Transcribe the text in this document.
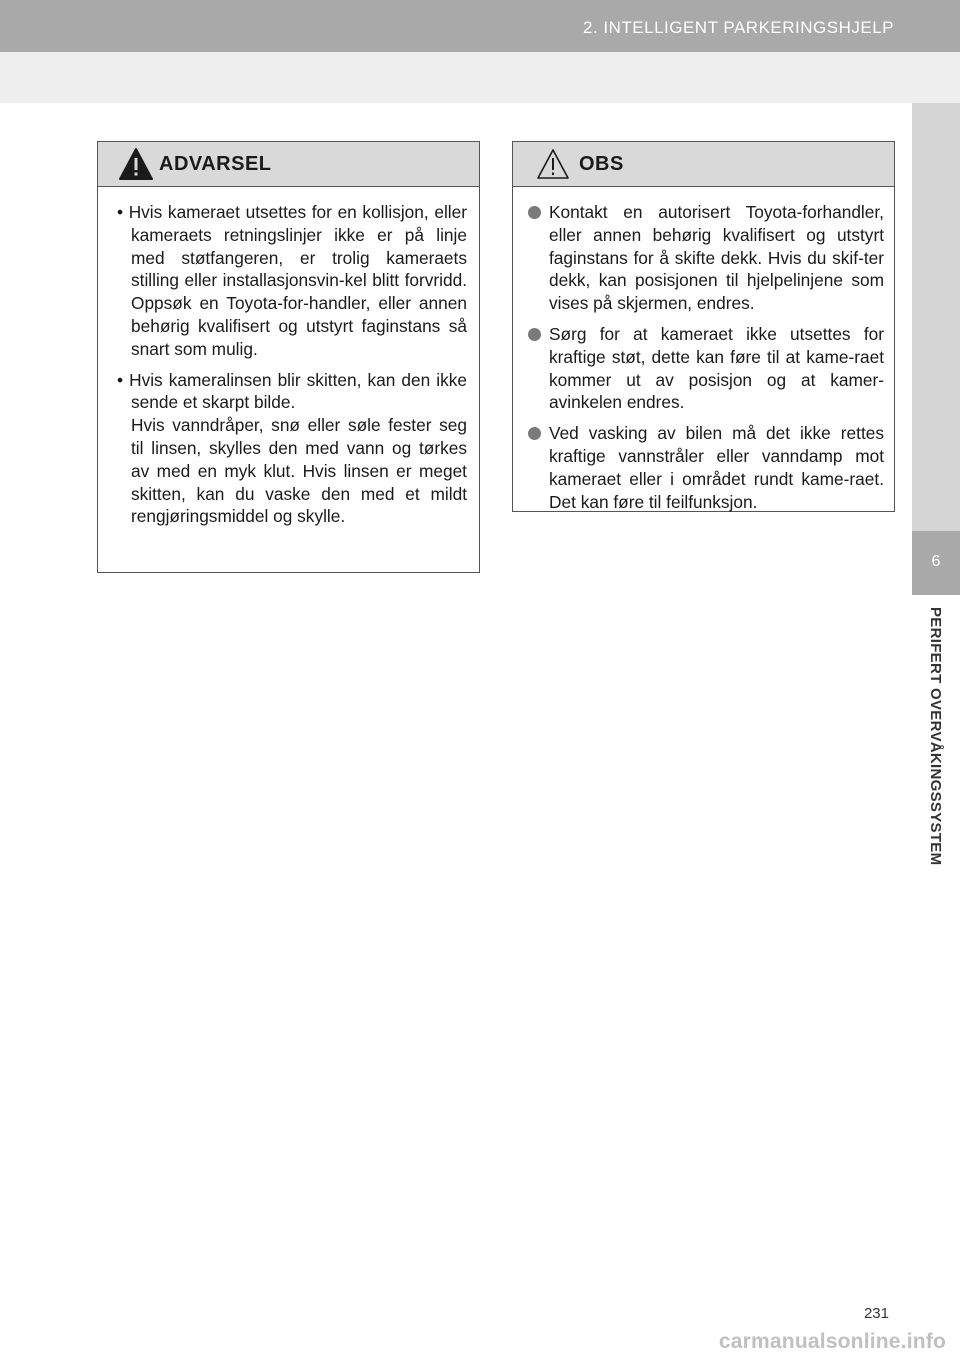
2. INTELLIGENT PARKERINGSHJELP
6
PERIFERT OVERVÅKINGSSYSTEM
ADVARSEL

• Hvis kameraet utsettes for en kollisjon, eller kameraets retningslinjer ikke er på linje med støtfangeren, er trolig kameraets stilling eller installasjonsvin-kel blitt forvridd. Oppsøk en Toyota-for-handler, eller annen behørig kvalifisert og utstyrt faginstans så snart som mulig.

• Hvis kameralinsen blir skitten, kan den ikke sende et skarpt bilde.

Hvis vanndråper, snø eller søle fester seg til linsen, skylles den med vann og tørkes av med en myk klut. Hvis linsen er meget skitten, kan du vaske den med et mildt rengjøringsmiddel og skylle.

OBS
Kontakt en autorisert Toyota-forhandler, eller annen behørig kvalifisert og utstyrt faginstans for å skifte dekk. Hvis du skif-ter dekk, kan posisjonen til hjelpelinjene som vises på skjermen, endres.
Sørg for at kameraet ikke utsettes for kraftige støt, dette kan føre til at kame-raet kommer ut av posisjon og at kamer-avinkelen endres.
Ved vasking av bilen må det ikke rettes kraftige vannstråler eller vanndamp mot kameraet eller i området rundt kame-raet. Det kan føre til feilfunksjon.
231
carmanualsonline.info
